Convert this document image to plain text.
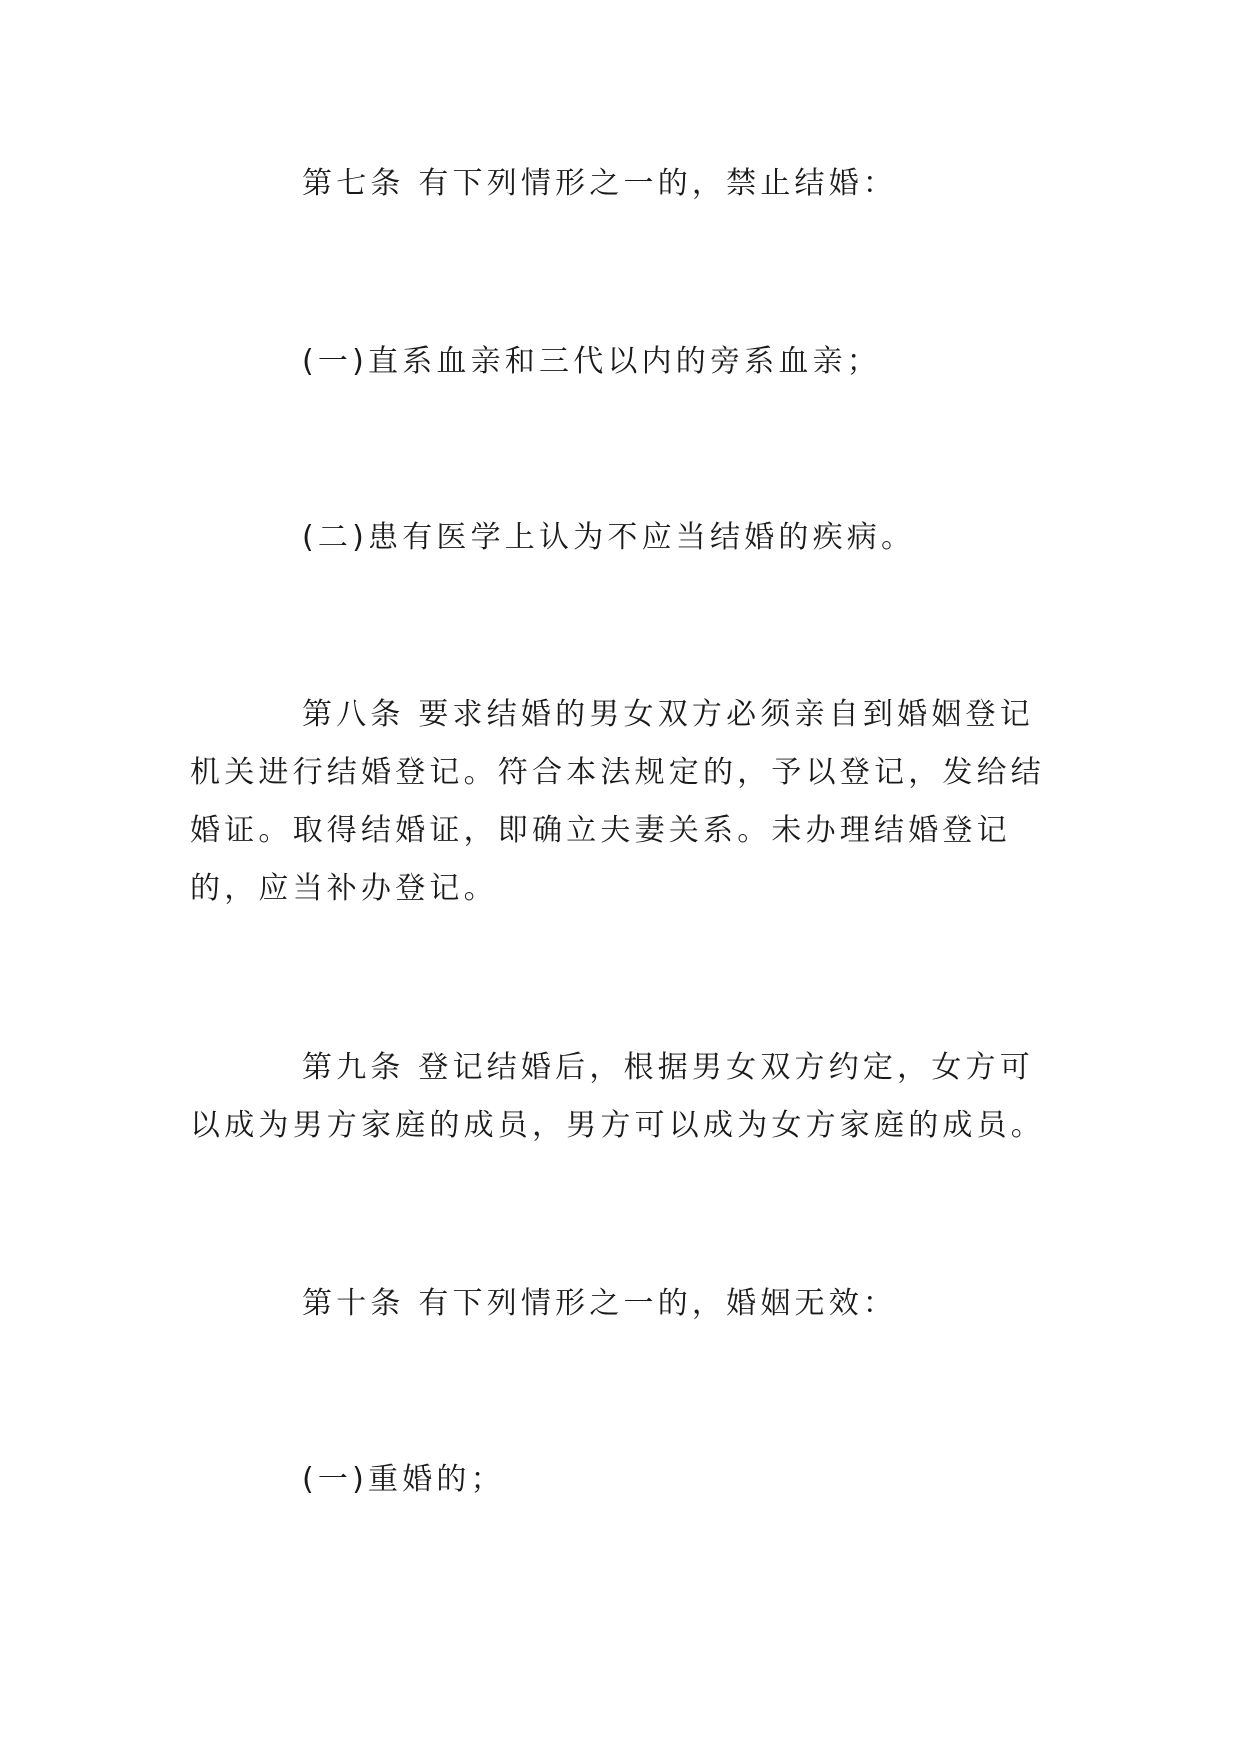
第七条 有下列情形之一的，禁止结婚：

(一)直系血亲和三代以内的旁系血亲；

(二)患有医学上认为不应当结婚的疾病。

第八条 要求结婚的男女双方必须亲自到婚姻登记机关进行结婚登记。符合本法规定的，予以登记，发给结婚证。取得结婚证，即确立夫妻关系。未办理结婚登记的，应当补办登记。

第九条 登记结婚后，根据男女双方约定，女方可以成为男方家庭的成员，男方可以成为女方家庭的成员。

第十条 有下列情形之一的，婚姻无效：

(一)重婚的；
